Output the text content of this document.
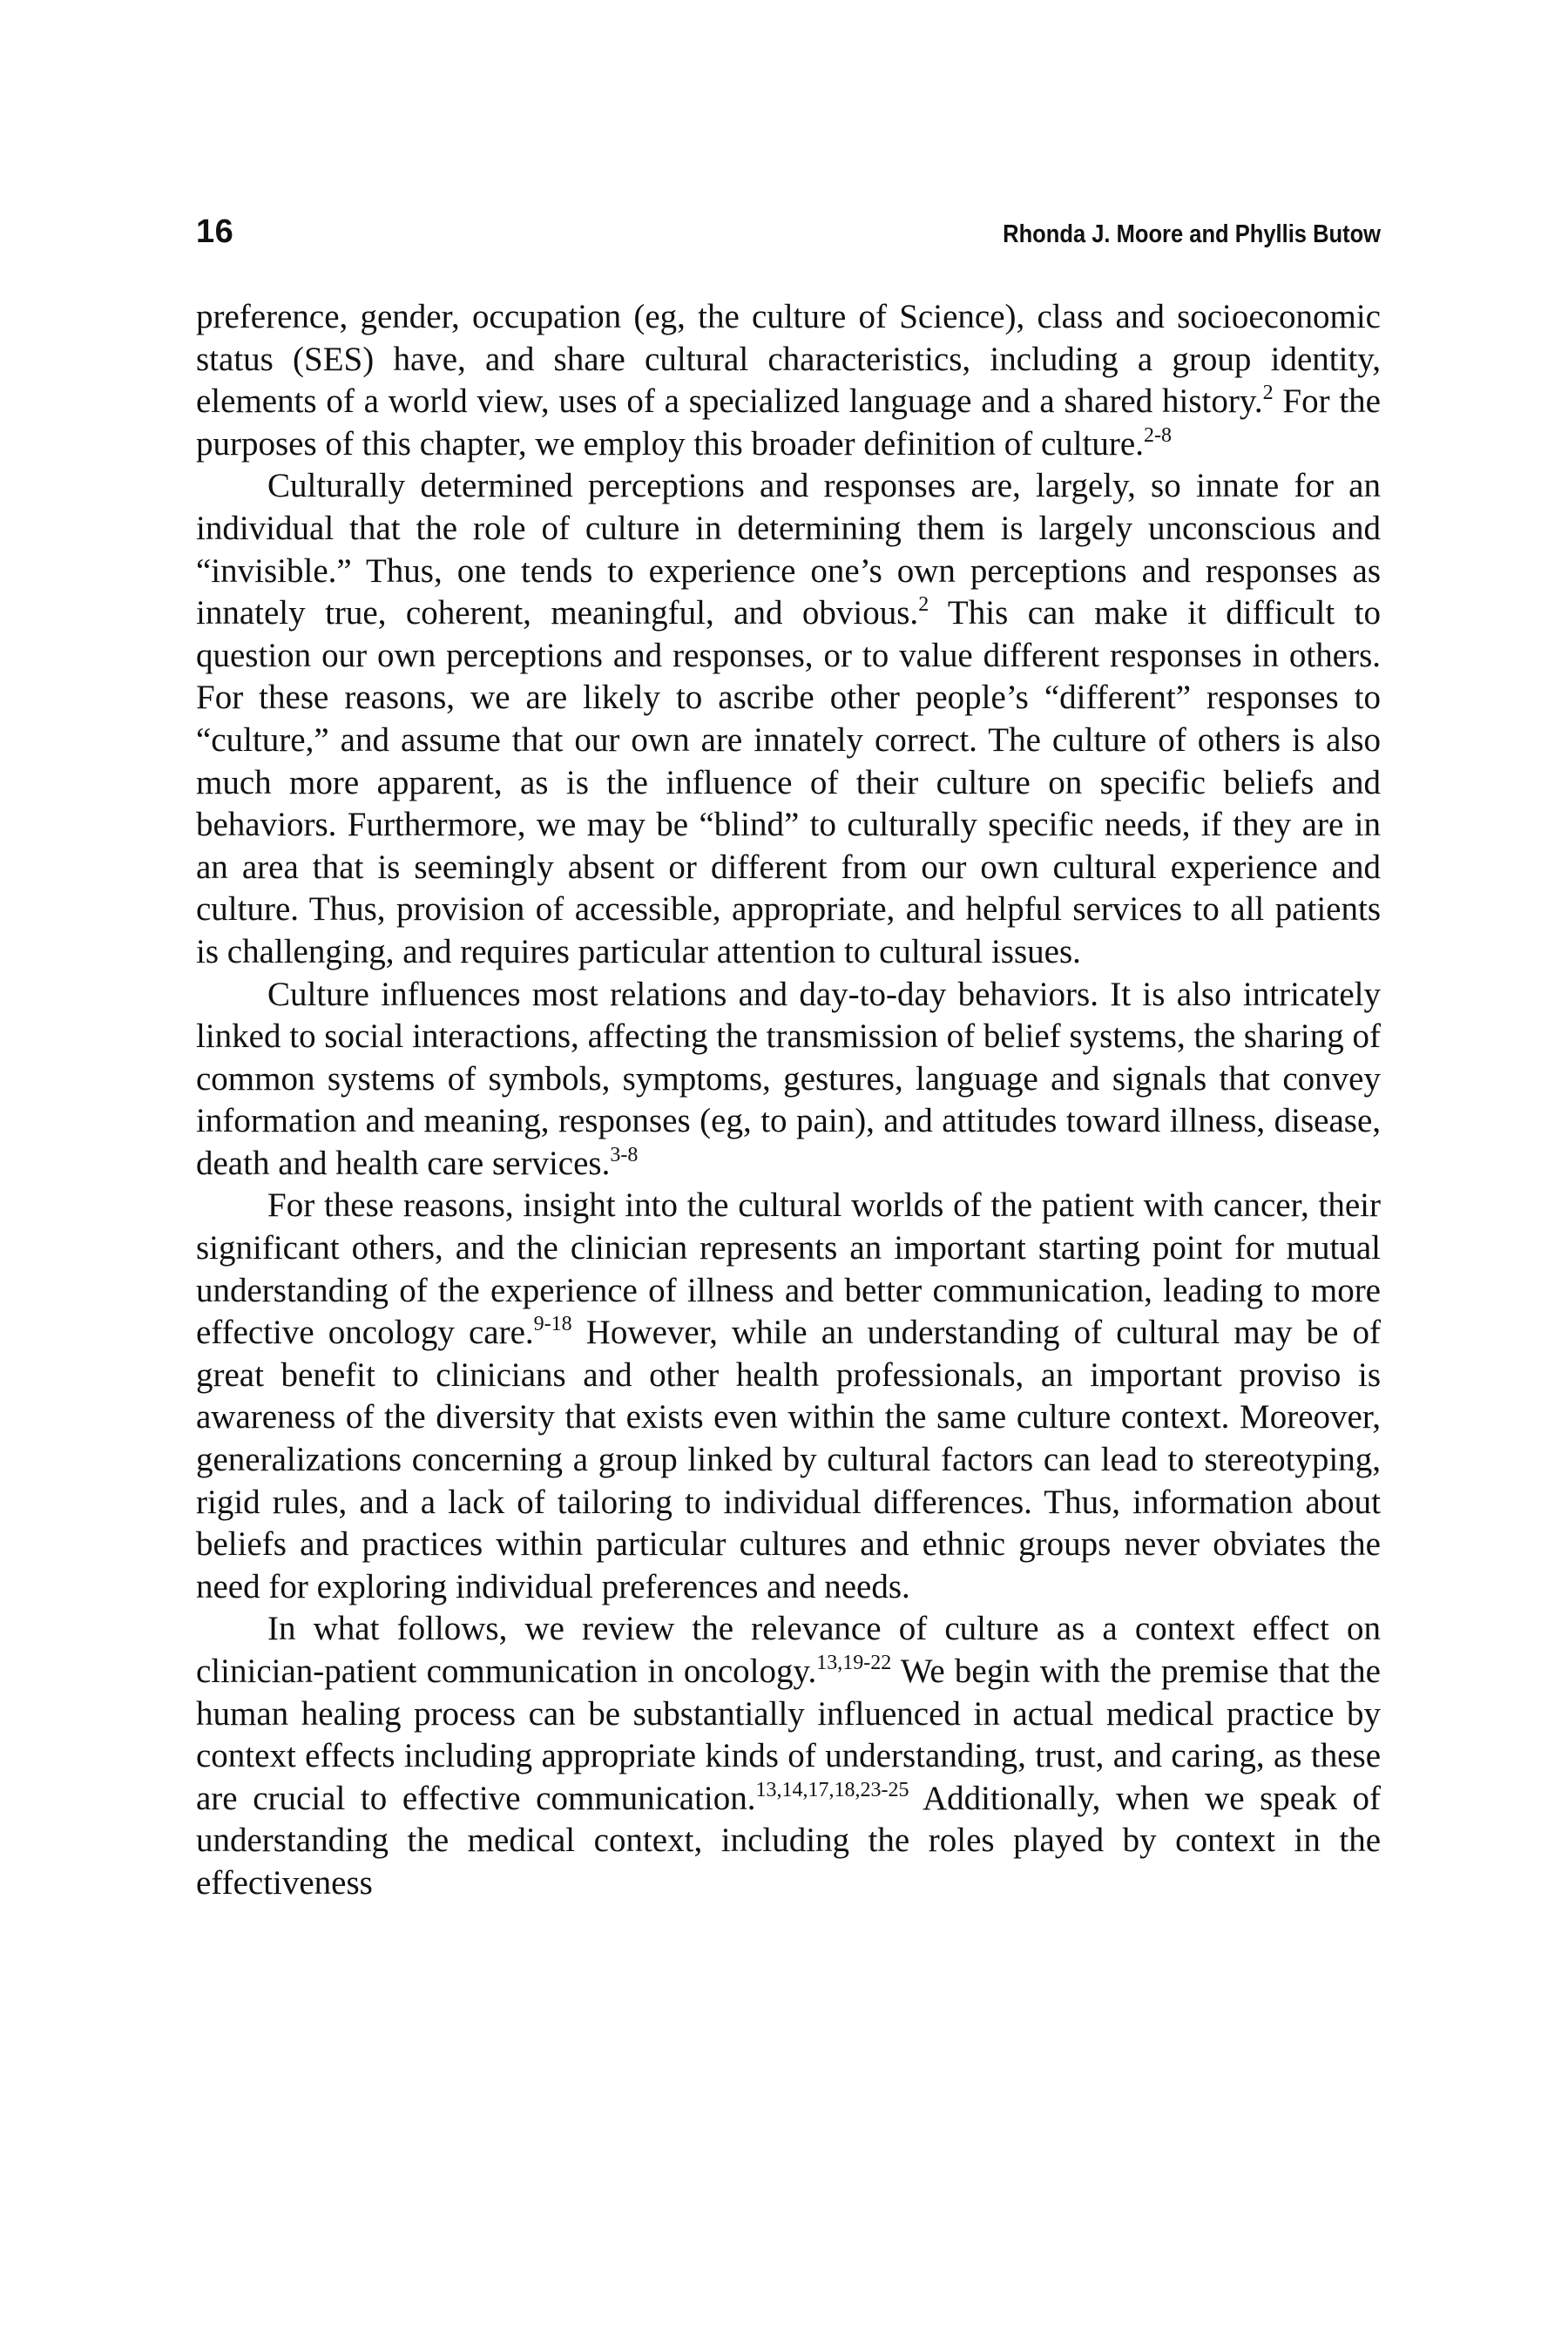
16	Rhonda J. Moore and Phyllis Butow

preference, gender, occupation (eg, the culture of Science), class and socioeconomic status (SES) have, and share cultural characteristics, including a group identity, elements of a world view, uses of a specialized language and a shared history.$^2$ For the purposes of this chapter, we employ this broader definition of culture.$^{2-8}$

Culturally determined perceptions and responses are, largely, so innate for an individual that the role of culture in determining them is largely unconscious and “invisible.” Thus, one tends to experience one’s own perceptions and responses as innately true, coherent, meaningful, and obvious.$^2$ This can make it difficult to question our own perceptions and responses, or to value different responses in others. For these reasons, we are likely to ascribe other people’s “different” responses to “culture,” and assume that our own are innately correct. The culture of others is also much more apparent, as is the influence of their culture on specific beliefs and behaviors. Furthermore, we may be “blind” to culturally specific needs, if they are in an area that is seemingly absent or different from our own cultural experience and culture. Thus, provision of accessible, appropriate, and helpful services to all patients is challenging, and requires particular attention to cultural issues.

Culture influences most relations and day-to-day behaviors. It is also intricately linked to social interactions, affecting the transmission of belief systems, the sharing of common systems of symbols, symptoms, gestures, language and signals that convey information and meaning, responses (eg, to pain), and attitudes toward illness, disease, death and health care services.$^{3-8}$

For these reasons, insight into the cultural worlds of the patient with cancer, their significant others, and the clinician represents an important starting point for mutual understanding of the experience of illness and better communication, leading to more effective oncology care.$^{9-18}$ However, while an understanding of cultural may be of great benefit to clinicians and other health professionals, an important proviso is awareness of the diversity that exists even within the same culture context. Moreover, generalizations concerning a group linked by cultural factors can lead to stereotyping, rigid rules, and a lack of tailoring to individual differences. Thus, information about beliefs and practices within particular cultures and ethnic groups never obviates the need for exploring individual preferences and needs.

In what follows, we review the relevance of culture as a context effect on clinician-patient communication in oncology.$^{13,19-22}$ We begin with the premise that the human healing process can be substantially influenced in actual medical practice by context effects including appropriate kinds of understanding, trust, and caring, as these are crucial to effective communication.$^{13,14,17,18,23-25}$ Additionally, when we speak of understanding the medical context, including the roles played by context in the effectiveness
